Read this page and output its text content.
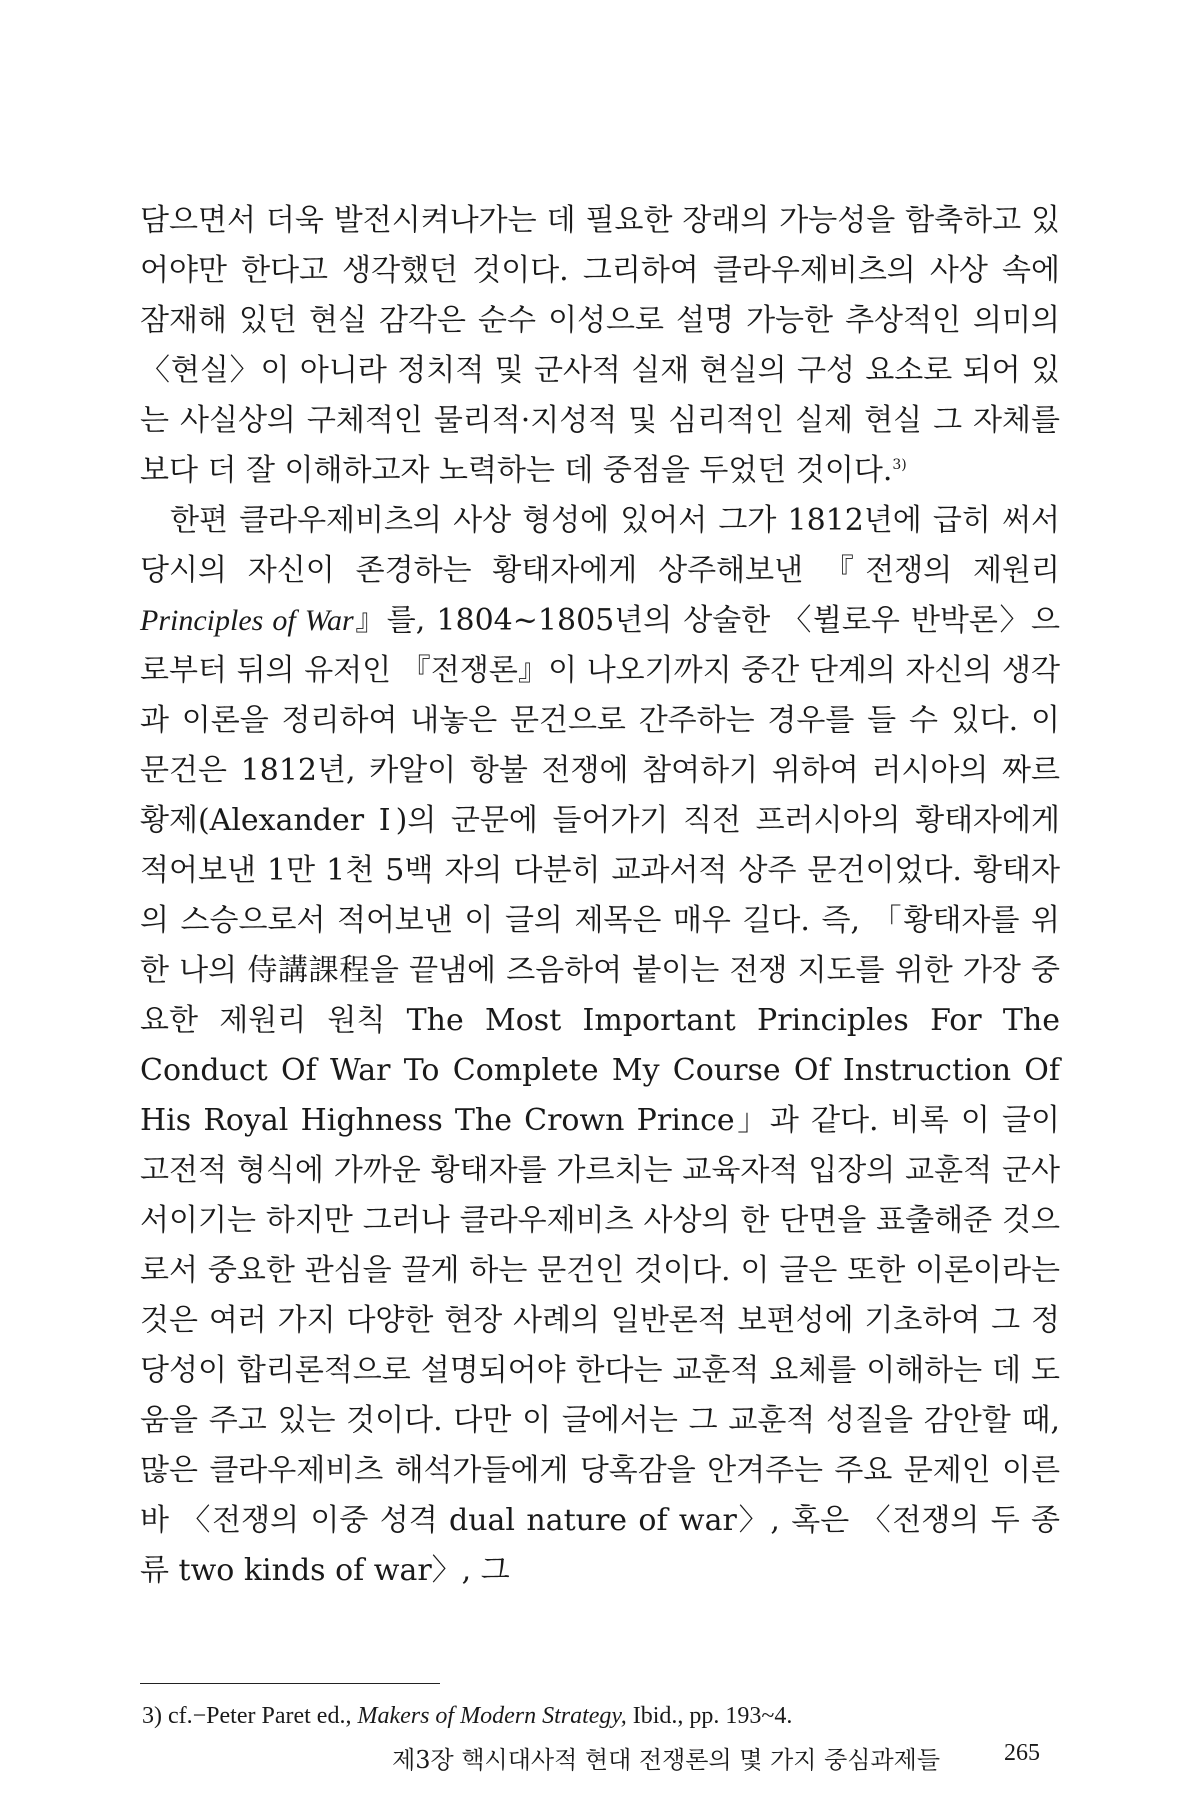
담으면서 더욱 발전시켜나가는 데 필요한 장래의 가능성을 함축하고 있어야만 한다고 생각했던 것이다. 그리하여 클라우제비츠의 사상 속에 잠재해 있던 현실 감각은 순수 이성으로 설명 가능한 추상적인 의미의 〈현실〉이 아니라 정치적 및 군사적 실재 현실의 구성 요소로 되어 있는 사실상의 구체적인 물리적·지성적 및 심리적인 실제 현실 그 자체를 보다 더 잘 이해하고자 노력하는 데 중점을 두었던 것이다.$^{3)}$

한편 클라우제비츠의 사상 형성에 있어서 그가 1812년에 급히 써서 당시의 자신이 존경하는 황태자에게 상주해보낸 『전쟁의 제원리 Principles of War』를, 1804~1805년의 상술한 〈뷜로우 반박론〉으로부터 뒤의 유저인 『전쟁론』이 나오기까지 중간 단계의 자신의 생각과 이론을 정리하여 내놓은 문건으로 간주하는 경우를 들 수 있다. 이 문건은 1812년, 카알이 항불 전쟁에 참여하기 위하여 러시아의 짜르 황제(Alexander Ⅰ)의 군문에 들어가기 직전 프러시아의 황태자에게 적어보낸 1만 1천 5백 자의 다분히 교과서적 상주 문건이었다. 황태자의 스승으로서 적어보낸 이 글의 제목은 매우 길다. 즉, 「황태자를 위한 나의 侍講課程을 끝냄에 즈음하여 붙이는 전쟁 지도를 위한 가장 중요한 제원리 원칙 The Most Important Principles For The Conduct Of War To Complete My Course Of Instruction Of His Royal Highness The Crown Prince」과 같다. 비록 이 글이 고전적 형식에 가까운 황태자를 가르치는 교육자적 입장의 교훈적 군사서이기는 하지만 그러나 클라우제비츠 사상의 한 단면을 표출해준 것으로서 중요한 관심을 끌게 하는 문건인 것이다. 이 글은 또한 이론이라는 것은 여러 가지 다양한 현장 사례의 일반론적 보편성에 기초하여 그 정당성이 합리론적으로 설명되어야 한다는 교훈적 요체를 이해하는 데 도움을 주고 있는 것이다. 다만 이 글에서는 그 교훈적 성질을 감안할 때, 많은 클라우제비츠 해석가들에게 당혹감을 안겨주는 주요 문제인 이른바 〈전쟁의 이중 성격 dual nature of war〉, 혹은 〈전쟁의 두 종류 two kinds of war〉, 그

3) cf.−Peter Paret ed., Makers of Modern Strategy, Ibid., pp. 193~4.
제3장 핵시대사적 현대 전쟁론의 몇 가지 중심과제들	265
